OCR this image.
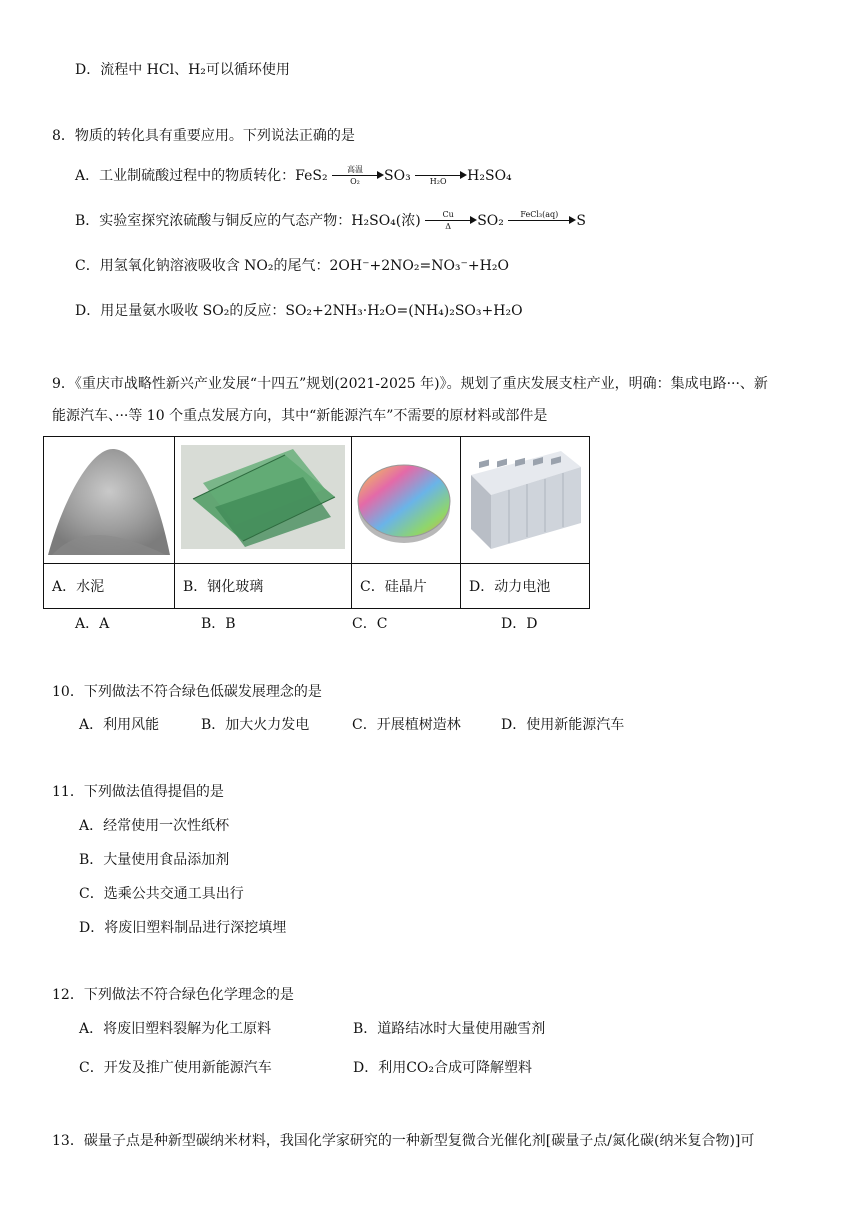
D．流程中 HCl、H₂可以循环使用
8．物质的转化具有重要应用。下列说法正确的是
A．工业制硫酸过程中的物质转化：FeS₂	高温
O₂	SO₃	H₂O	H₂SO₄
B．实验室探究浓硫酸与铜反应的气态产物：H₂SO₄(浓) $\frac{Cu}{\Delta} SO_2$	FeCl₃(aq)	S
C．用氢氧化钠溶液吸收含 NO₂的尾气：2OH⁻+2NO₂=NO₃⁻+H₂O
D．用足量氨水吸收 SO₂的反应：SO₂+2NH₃·H₂O=(NH₄)₂SO₃+H₂O
9．《重庆市战略性新兴产业发展“十四五”规划(2021-2025 年)》。规划了重庆发展支柱产业，明确：集成电路···、新
能源汽车、···等 10 个重点发展方向，其中“新能源汽车”不需要的原材料或部件是

A．水泥	B．钢化玻璃	C．硅晶片	D．动力电池
A．A	B．B	C．C	D．D
10．下列做法不符合绿色低碳发展理念的是
A．利用风能	B．加大火力发电	C．开展植树造林	D．使用新能源汽车
11．下列做法值得提倡的是
A．经常使用一次性纸杯
B．大量使用食品添加剂
C．选乘公共交通工具出行
D．将废旧塑料制品进行深挖填埋
12．下列做法不符合绿色化学理念的是
A．将废旧塑料裂解为化工原料	B．道路结冰时大量使用融雪剂
C．开发及推广使用新能源汽车	D．利用CO₂合成可降解塑料
13．碳量子点是种新型碳纳米材料，我国化学家研究的一种新型复微合光催化剂[碳量子点/氮化碳(纳米复合物)]可
